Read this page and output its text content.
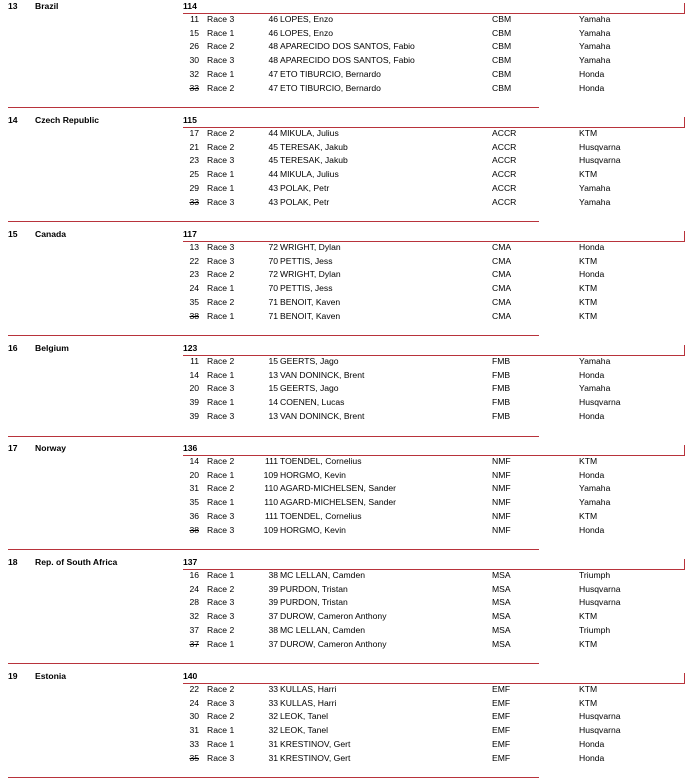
13 Brazil	114
11 Race 3	46 LOPES, Enzo	CBM	Yamaha
15 Race 1	46 LOPES, Enzo	CBM	Yamaha
26 Race 2	48 APARECIDO DOS SANTOS, Fabio	CBM	Yamaha
30 Race 3	48 APARECIDO DOS SANTOS, Fabio	CBM	Yamaha
32 Race 1	47 ETO TIBURCIO, Bernardo	CBM	Honda
33 Race 2	47 ETO TIBURCIO, Bernardo	CBM	Honda
14 Czech Republic	115
17 Race 2	44 MIKULA, Julius	ACCR	KTM
21 Race 2	45 TERESAK, Jakub	ACCR	Husqvarna
23 Race 3	45 TERESAK, Jakub	ACCR	Husqvarna
25 Race 1	44 MIKULA, Julius	ACCR	KTM
29 Race 1	43 POLAK, Petr	ACCR	Yamaha
33 Race 3	43 POLAK, Petr	ACCR	Yamaha
15 Canada	117
13 Race 3	72 WRIGHT, Dylan	CMA	Honda
22 Race 3	70 PETTIS, Jess	CMA	KTM
23 Race 2	72 WRIGHT, Dylan	CMA	Honda
24 Race 1	70 PETTIS, Jess	CMA	KTM
35 Race 2	71 BENOIT, Kaven	CMA	KTM
38 Race 1	71 BENOIT, Kaven	CMA	KTM
16 Belgium	123
11 Race 2	15 GEERTS, Jago	FMB	Yamaha
14 Race 1	13 VAN DONINCK, Brent	FMB	Honda
20 Race 3	15 GEERTS, Jago	FMB	Yamaha
39 Race 1	14 COENEN, Lucas	FMB	Husqvarna
39 Race 3	13 VAN DONINCK, Brent	FMB	Honda
17 Norway	136
14 Race 2	111 TOENDEL, Cornelius	NMF	KTM
20 Race 1	109 HORGMO, Kevin	NMF	Honda
31 Race 2	110 AGARD-MICHELSEN, Sander	NMF	Yamaha
35 Race 1	110 AGARD-MICHELSEN, Sander	NMF	Yamaha
36 Race 3	111 TOENDEL, Cornelius	NMF	KTM
38 Race 3	109 HORGMO, Kevin	NMF	Honda
18 Rep. of South Africa	137
16 Race 1	38 MC LELLAN, Camden	MSA	Triumph
24 Race 2	39 PURDON, Tristan	MSA	Husqvarna
28 Race 3	39 PURDON, Tristan	MSA	Husqvarna
32 Race 3	37 DUROW, Cameron Anthony	MSA	KTM
37 Race 2	38 MC LELLAN, Camden	MSA	Triumph
37 Race 1	37 DUROW, Cameron Anthony	MSA	KTM
19 Estonia	140
22 Race 2	33 KULLAS, Harri	EMF	KTM
24 Race 3	33 KULLAS, Harri	EMF	KTM
30 Race 2	32 LEOK, Tanel	EMF	Husqvarna
31 Race 1	32 LEOK, Tanel	EMF	Husqvarna
33 Race 1	31 KRESTINOV, Gert	EMF	Honda
35 Race 3	31 KRESTINOV, Gert	EMF	Honda
